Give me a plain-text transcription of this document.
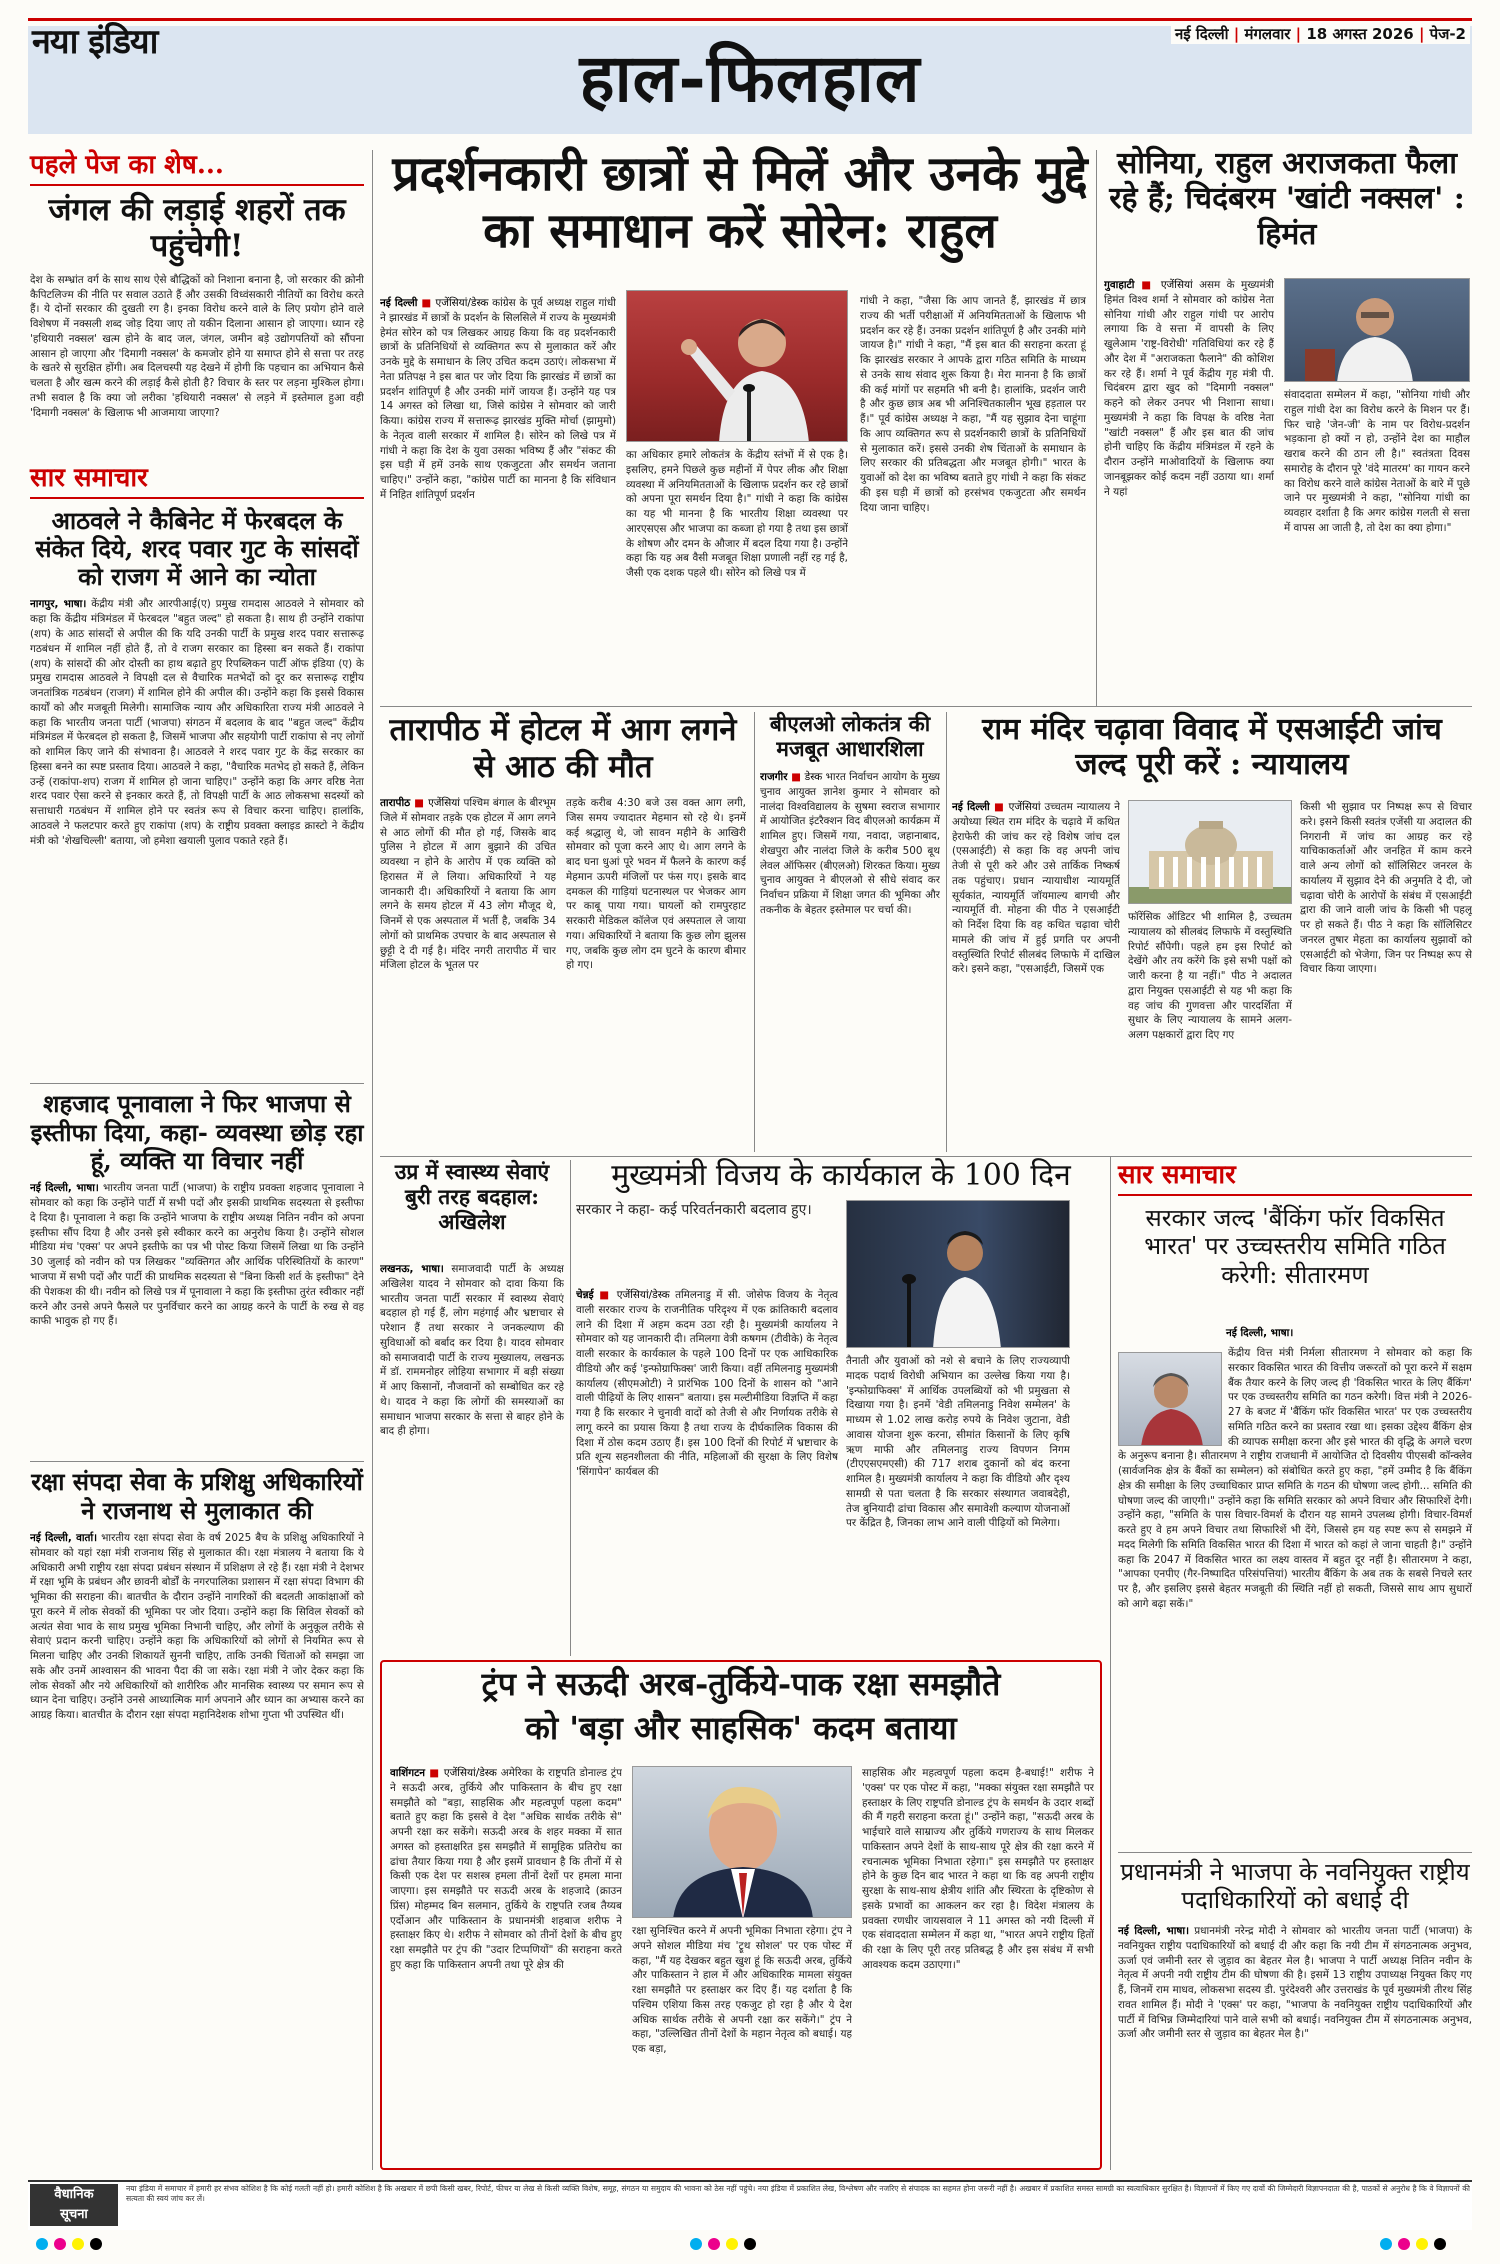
नया इंडिया	नई दिल्ली | मंगलवार | 18 अगस्त 2026 | पेज-2
हाल-फिलहाल
पहले पेज का शेष...
जंगल की लड़ाई शहरों तक पहुंचेगी!
देश के सम्भ्रांत वर्ग के साथ साथ ऐसे बौद्धिकों को निशाना बनाना है, जो सरकार की क्रोनी कैपिटलिज्म की नीति पर सवाल उठाते हैं और उसकी विध्वंसकारी नीतियों का विरोध करते हैं। ये दोनों सरकार की दुखती रग है। इनका विरोध करने वाले के लिए प्रयोग होने वाले विशेषण में नक्सली शब्द जोड़ दिया जाए तो यकीन दिलाना आसान हो जाएगा। ध्यान रहे 'हथियारी नक्सल' खत्म होने के बाद जल, जंगल, जमीन बड़े उद्योगपतियों को सौंपना आसान हो जाएगा और 'दिमागी नक्सल' के कमजोर होने या समाप्त होने से सत्ता पर तरह के खतरे से सुरक्षित होंगी। अब दिलचस्पी यह देखने में होगी कि पहचान का अभियान कैसे चलता है और खत्म करने की लड़ाई कैसे होती है? विचार के स्तर पर लड़ना मुश्किल होगा। तभी सवाल है कि क्या जो लरीका 'हथियारी नक्सल' से लड़ने में इस्तेमाल हुआ वही 'दिमागी नक्सल' के खिलाफ भी आजमाया जाएगा?
सार समाचार
आठवले ने कैबिनेट में फेरबदल के संकेत दिये, शरद पवार गुट के सांसदों को राजग में आने का न्योता
नागपुर, भाषा। केंद्रीय मंत्री और आरपीआई(ए) प्रमुख रामदास आठवले ने सोमवार को कहा कि केंद्रीय मंत्रिमंडल में फेरबदल "बहुत जल्द" हो सकता है। साथ ही उन्होंने राकांपा (शप) के आठ सांसदों से अपील की कि यदि उनकी पार्टी के प्रमुख शरद पवार सत्तारूढ़ गठबंधन में शामिल नहीं होते हैं, तो वे राजग सरकार का हिस्सा बन सकते हैं। राकांपा (शप) के सांसदों की ओर दोस्ती का हाथ बढ़ाते हुए रिपब्लिकन पार्टी ऑफ इंडिया (ए) के प्रमुख रामदास आठवले ने विपक्षी दल से वैचारिक मतभेदों को दूर कर सत्तारूढ़ राष्ट्रीय जनतांत्रिक गठबंधन (राजग) में शामिल होने की अपील की। उन्होंने कहा कि इससे विकास कार्यों को और मजबूती मिलेगी। सामाजिक न्याय और अधिकारिता राज्य मंत्री आठवले ने कहा कि भारतीय जनता पार्टी (भाजपा) संगठन में बदलाव के बाद "बहुत जल्द" केंद्रीय मंत्रिमंडल में फेरबदल हो सकता है, जिसमें भाजपा और सहयोगी पार्टी राकांपा से नए लोगों को शामिल किए जाने की संभावना है। आठवले ने शरद पवार गुट के केंद्र सरकार का हिस्सा बनने का स्पष्ट प्रस्ताव दिया। आठवले ने कहा, "वैचारिक मतभेद हो सकते हैं, लेकिन उन्हें (राकांपा-शप) राजग में शामिल हो जाना चाहिए।" उन्होंने कहा कि अगर वरिष्ठ नेता शरद पवार ऐसा करने से इनकार करते हैं, तो विपक्षी पार्टी के आठ लोकसभा सदस्यों को सत्ताधारी गठबंधन में शामिल होने पर स्वतंत्र रूप से विचार करना चाहिए। हालांकि, आठवले ने फलटपार करते हुए राकांपा (शप) के राष्ट्रीय प्रवक्ता क्लाइड क्रास्टो ने केंद्रीय मंत्री को 'शेखचिल्ली' बताया, जो हमेशा खयाली पुलाव पकाते रहते हैं।
शहजाद पूनावाला ने फिर भाजपा से इस्तीफा दिया, कहा- व्यवस्था छोड़ रहा हूं, व्यक्ति या विचार नहीं
नई दिल्ली, भाषा। भारतीय जनता पार्टी (भाजपा) के राष्ट्रीय प्रवक्ता शहजाद पूनावाला ने सोमवार को कहा कि उन्होंने पार्टी में सभी पदों और इसकी प्राथमिक सदस्यता से इस्तीफा दे दिया है। पूनावाला ने कहा कि उन्होंने भाजपा के राष्ट्रीय अध्यक्ष नितिन नवीन को अपना इस्तीफा सौंप दिया है और उनसे इसे स्वीकार करने का अनुरोध किया है। उन्होंने सोशल मीडिया मंच 'एक्स' पर अपने इस्तीफे का पत्र भी पोस्ट किया जिसमें लिखा था कि उन्होंने 30 जुलाई को नवीन को पत्र लिखकर "व्यक्तिगत और आर्थिक परिस्थितियों के कारण" भाजपा में सभी पदों और पार्टी की प्राथमिक सदस्यता से "बिना किसी शर्त के इस्तीफा" देने की पेशकश की थी। नवीन को लिखे पत्र में पूनावाला ने कहा कि इस्तीफा तुरंत स्वीकार नहीं करने और उनसे अपने फैसले पर पुनर्विचार करने का आग्रह करने के पार्टी के रुख से वह काफी भावुक हो गए हैं।
रक्षा संपदा सेवा के प्रशिक्षु अधिकारियों ने राजनाथ से मुलाकात की
नई दिल्ली, वार्ता। भारतीय रक्षा संपदा सेवा के वर्ष 2025 बैच के प्रशिक्षु अधिकारियों ने सोमवार को यहां रक्षा मंत्री राजनाथ सिंह से मुलाकात की। रक्षा मंत्रालय ने बताया कि ये अधिकारी अभी राष्ट्रीय रक्षा संपदा प्रबंधन संस्थान में प्रशिक्षण ले रहे हैं। रक्षा मंत्री ने देशभर में रक्षा भूमि के प्रबंधन और छावनी बोर्डों के नगरपालिका प्रशासन में रक्षा संपदा विभाग की भूमिका की सराहना की। बातचीत के दौरान उन्होंने नागरिकों की बदलती आकांक्षाओं को पूरा करने में लोक सेवकों की भूमिका पर जोर दिया। उन्होंने कहा कि सिविल सेवकों को अत्यंत सेवा भाव के साथ प्रमुख भूमिका निभानी चाहिए, और लोगों के अनुकूल तरीके से सेवाएं प्रदान करनी चाहिए। उन्होंने कहा कि अधिकारियों को लोगों से नियमित रूप से मिलना चाहिए और उनकी शिकायतें सुननी चाहिए, ताकि उनकी चिंताओं को समझा जा सके और उनमें आश्वासन की भावना पैदा की जा सके। रक्षा मंत्री ने जोर देकर कहा कि लोक सेवकों और नये अधिकारियों को शारीरिक और मानसिक स्वास्थ्य पर समान रूप से ध्यान देना चाहिए। उन्होंने उनसे आध्यात्मिक मार्ग अपनाने और ध्यान का अभ्यास करने का आग्रह किया। बातचीत के दौरान रक्षा संपदा महानिदेशक शोभा गुप्ता भी उपस्थित थीं।
प्रदर्शनकारी छात्रों से मिलें और उनके मुद्दे का समाधान करें सोरेन: राहुल
नई दिल्ली ■ एजेंसियां/डेस्क कांग्रेस के पूर्व अध्यक्ष राहुल गांधी ने झारखंड में छात्रों के प्रदर्शन के सिलसिले में राज्य के मुख्यमंत्री हेमंत सोरेन को पत्र लिखकर आग्रह किया कि वह प्रदर्शनकारी छात्रों के प्रतिनिधियों से व्यक्तिगत रूप से मुलाकात करें और उनके मुद्दे के समाधान के लिए उचित कदम उठाएं। लोकसभा में नेता प्रतिपक्ष ने इस बात पर जोर दिया कि झारखंड में छात्रों का प्रदर्शन शांतिपूर्ण है और उनकी मांगें जायज हैं। उन्होंने यह पत्र 14 अगस्त को लिखा था, जिसे कांग्रेस ने सोमवार को जारी किया। कांग्रेस राज्य में सत्तारूढ़ झारखंड मुक्ति मोर्चा (झामुमो) के नेतृत्व वाली सरकार में शामिल है। सोरेन को लिखे पत्र में गांधी ने कहा कि देश के युवा उसका भविष्य हैं और "संकट की इस घड़ी में हमें उनके साथ एकजुटता और समर्थन जताना चाहिए।" उन्होंने कहा, "कांग्रेस पार्टी का मानना है कि संविधान में निहित शांतिपूर्ण प्रदर्शन
का अधिकार हमारे लोकतंत्र के केंद्रीय स्तंभों में से एक है। इसलिए, हमने पिछले कुछ महीनों में पेपर लीक और शिक्षा व्यवस्था में अनियमितताओं के खिलाफ प्रदर्शन कर रहे छात्रों को अपना पूरा समर्थन दिया है।" गांधी ने कहा कि कांग्रेस का यह भी मानना है कि भारतीय शिक्षा व्यवस्था पर आरएसएस और भाजपा का कब्जा हो गया है तथा इस छात्रों के शोषण और दमन के औजार में बदल दिया गया है। उन्होंने कहा कि यह अब वैसी मजबूत शिक्षा प्रणाली नहीं रह गई है, जैसी एक दशक पहले थी। सोरेन को लिखे पत्र में
गांधी ने कहा, "जैसा कि आप जानते हैं, झारखंड में छात्र राज्य की भर्ती परीक्षाओं में अनियमितताओं के खिलाफ भी प्रदर्शन कर रहे हैं। उनका प्रदर्शन शांतिपूर्ण है और उनकी मांगे जायज है।" गांधी ने कहा, "मैं इस बात की सराहना करता हूं कि झारखंड सरकार ने आपके द्वारा गठित समिति के माध्यम से उनके साथ संवाद शुरू किया है। मेरा मानना है कि छात्रों की कई मांगों पर सहमति भी बनी है। हालांकि, प्रदर्शन जारी है और कुछ छात्र अब भी अनिश्चितकालीन भूख हड़ताल पर हैं।" पूर्व कांग्रेस अध्यक्ष ने कहा, "मैं यह सुझाव देना चाहूंगा कि आप व्यक्तिगत रूप से प्रदर्शनकारी छात्रों के प्रतिनिधियों से मुलाकात करें। इससे उनकी शेष चिंताओं के समाधान के लिए सरकार की प्रतिबद्धता और मजबूत होगी।" भारत के युवाओं को देश का भविष्य बताते हुए गांधी ने कहा कि संकट की इस घड़ी में छात्रों को हरसंभव एकजुटता और समर्थन दिया जाना चाहिए।
सोनिया, राहुल अराजकता फैला रहे हैं; चिदंबरम 'खांटी नक्सल' : हिमंत
गुवाहाटी ■ एजेंसियां असम के मुख्यमंत्री हिमंत विश्व शर्मा ने सोमवार को कांग्रेस नेता सोनिया गांधी और राहुल गांधी पर आरोप लगाया कि वे सत्ता में वापसी के लिए खुलेआम 'राष्ट्र-विरोधी' गतिविधियां कर रहे हैं और देश में "अराजकता फैलाने" की कोशिश कर रहे हैं। शर्मा ने पूर्व केंद्रीय गृह मंत्री पी. चिदंबरम द्वारा खुद को "दिमागी नक्सल" कहने को लेकर उनपर भी निशाना साधा। मुख्यमंत्री ने कहा कि विपक्ष के वरिष्ठ नेता "खांटी नक्सल" हैं और इस बात की जांच होनी चाहिए कि केंद्रीय मंत्रिमंडल में रहने के दौरान उन्होंने माओवादियों के खिलाफ क्या जानबूझकर कोई कदम नहीं उठाया था। शर्मा ने यहां
संवाददाता सम्मेलन में कहा, "सोनिया गांधी और राहुल गांधी देश का विरोध करने के मिशन पर हैं। फिर चाहे 'जेन-जी' के नाम पर विरोध-प्रदर्शन भड़काना हो क्यों न हो, उन्होंने देश का माहौल खराब करने की ठान ली है।" स्वतंत्रता दिवस समारोह के दौरान पूरे 'वंदे मातरम' का गायन करने का विरोध करने वाले कांग्रेस नेताओं के बारे में पूछे जाने पर मुख्यमंत्री ने कहा, "सोनिया गांधी का व्यवहार दर्शाता है कि अगर कांग्रेस गलती से सत्ता में वापस आ जाती है, तो देश का क्या होगा।"
तारापीठ में होटल में आग लगने से आठ की मौत
तारापीठ ■ एजेंसियां पश्चिम बंगाल के बीरभूम जिले में सोमवार तड़के एक होटल में आग लगने से आठ लोगों की मौत हो गई, जिसके बाद पुलिस ने होटल में आग बुझाने की उचित व्यवस्था न होने के आरोप में एक व्यक्ति को हिरासत में ले लिया। अधिकारियों ने यह जानकारी दी। अधिकारियों ने बताया कि आग लगने के समय होटल में 43 लोग मौजूद थे, जिनमें से एक अस्पताल में भर्ती है, जबकि 34 लोगों को प्राथमिक उपचार के बाद अस्पताल से छुट्टी दे दी गई है। मंदिर नगरी तारापीठ में चार मंजिला होटल के भूतल पर
तड़के करीब 4:30 बजे उस वक्त आग लगी, जिस समय ज्यादातर मेहमान सो रहे थे। इनमें कई श्रद्धालु थे, जो सावन महीने के आखिरी सोमवार को पूजा करने आए थे। आग लगने के बाद घना धुआं पूरे भवन में फैलने के कारण कई मेहमान ऊपरी मंजिलों पर फंस गए। इसके बाद दमकल की गाड़ियां घटनास्थल पर भेजकर आग पर काबू पाया गया। घायलों को रामपुरहाट सरकारी मेडिकल कॉलेज एवं अस्पताल ले जाया गया। अधिकारियों ने बताया कि कुछ लोग झुलस गए, जबकि कुछ लोग दम घुटने के कारण बीमार हो गए।
बीएलओ लोकतंत्र की मजबूत आधारशिला
राजगीर ■ डेस्क भारत निर्वाचन आयोग के मुख्य चुनाव आयुक्त ज्ञानेश कुमार ने सोमवार को नालंदा विश्वविद्यालय के सुषमा स्वराज सभागार में आयोजित इंटरैक्शन विद बीएलओ कार्यक्रम में शामिल हुए। जिसमें गया, नवादा, जहानाबाद, शेखपुरा और नालंदा जिले के करीब 500 बूथ लेवल ऑफिसर (बीएलओ) शिरकत किया। मुख्य चुनाव आयुक्त ने बीएलओ से सीधे संवाद कर निर्वाचन प्रक्रिया में शिक्षा जगत की भूमिका और तकनीक के बेहतर इस्तेमाल पर चर्चा की।
राम मंदिर चढ़ावा विवाद में एसआईटी जांच जल्द पूरी करें : न्यायालय
नई दिल्ली ■ एजेंसियां उच्चतम न्यायालय ने अयोध्या स्थित राम मंदिर के चढ़ावे में कथित हेराफेरी की जांच कर रहे विशेष जांच दल (एसआईटी) से कहा कि वह अपनी जांच तेजी से पूरी करे और उसे तार्किक निष्कर्ष तक पहुंचाए। प्रधान न्यायाधीश न्यायमूर्ति सूर्यकांत, न्यायमूर्ति जॉयमाल्य बागची और न्यायमूर्ति वी. मोहना की पीठ ने एसआईटी को निर्देश दिया कि वह कथित चढ़ावा चोरी मामले की जांच में हुई प्रगति पर अपनी वस्तुस्थिति रिपोर्ट सीलबंद लिफाफे में दाखिल करे। इसने कहा, "एसआईटी, जिसमें एक
फॉरेंसिक ऑडिटर भी शामिल है, उच्चतम न्यायालय को सीलबंद लिफाफे में वस्तुस्थिति रिपोर्ट सौंपेगी। पहले हम इस रिपोर्ट को देखेंगे और तय करेंगे कि इसे सभी पक्षों को जारी करना है या नहीं।" पीठ ने अदालत द्वारा नियुक्त एसआईटी से यह भी कहा कि वह जांच की गुणवत्ता और पारदर्शिता में सुधार के लिए न्यायालय के सामने अलग-अलग पक्षकारों द्वारा दिए गए
किसी भी सुझाव पर निष्पक्ष रूप से विचार करे। इसने किसी स्वतंत्र एजेंसी या अदालत की निगरानी में जांच का आग्रह कर रहे याचिकाकर्ताओं और जनहित में काम करने वाले अन्य लोगों को सॉलिसिटर जनरल के कार्यालय में सुझाव देने की अनुमति दे दी, जो चढ़ावा चोरी के आरोपों के संबंध में एसआईटी द्वारा की जाने वाली जांच के किसी भी पहलू पर हो सकते हैं। पीठ ने कहा कि सॉलिसिटर जनरल तुषार मेहता का कार्यालय सुझावों को एसआईटी को भेजेगा, जिन पर निष्पक्ष रूप से विचार किया जाएगा।
उप्र में स्वास्थ्य सेवाएं बुरी तरह बदहाल: अखिलेश
लखनऊ, भाषा। समाजवादी पार्टी के अध्यक्ष अखिलेश यादव ने सोमवार को दावा किया कि भारतीय जनता पार्टी सरकार में स्वास्थ्य सेवाएं बदहाल हो गई हैं, लोग महंगाई और भ्रष्टाचार से परेशान हैं तथा सरकार ने जनकल्याण की सुविधाओं को बर्बाद कर दिया है। यादव सोमवार को समाजवादी पार्टी के राज्य मुख्यालय, लखनऊ में डॉ. राममनोहर लोहिया सभागार में बड़ी संख्या में आए किसानों, नौजवानों को सम्बोधित कर रहे थे। यादव ने कहा कि लोगों की समस्याओं का समाधान भाजपा सरकार के सत्ता से बाहर होने के बाद ही होगा।
मुख्यमंत्री विजय के कार्यकाल के 100 दिन
सरकार ने कहा- कई परिवर्तनकारी बदलाव हुए।
चेन्नई ■ एजेंसियां/डेस्क तमिलनाडु में सी. जोसेफ विजय के नेतृत्व वाली सरकार राज्य के राजनीतिक परिदृश्य में एक क्रांतिकारी बदलाव लाने की दिशा में अहम कदम उठा रही है। मुख्यमंत्री कार्यालय ने सोमवार को यह जानकारी दी। तमिलगा वेत्री कषगम (टीवीके) के नेतृत्व वाली सरकार के कार्यकाल के पहले 100 दिनों पर एक आधिकारिक वीडियो और कई 'इन्फोग्राफिक्स' जारी किया। वहीं तमिलनाडु मुख्यमंत्री कार्यालय (सीएमओटी) ने प्रारंभिक 100 दिनों के शासन को "आने वाली पीढ़ियों के लिए शासन" बताया। इस मल्टीमीडिया विज्ञप्ति में कहा गया है कि सरकार ने चुनावी वादों को तेजी से और निर्णायक तरीके से लागू करने का प्रयास किया है तथा राज्य के दीर्घकालिक विकास की दिशा में ठोस कदम उठाए हैं। इस 100 दिनों की रिपोर्ट में भ्रष्टाचार के प्रति शून्य सहनशीलता की नीति, महिलाओं की सुरक्षा के लिए विशेष 'सिंगापेन' कार्यबल की
तैनाती और युवाओं को नशे से बचाने के लिए राज्यव्यापी मादक पदार्थ विरोधी अभियान का उल्लेख किया गया है। 'इन्फोग्राफिक्स' में आर्थिक उपलब्धियों को भी प्रमुखता से दिखाया गया है। इनमें 'वेडी तमिलनाडु निवेश सम्मेलन' के माध्यम से 1.02 लाख करोड़ रुपये के निवेश जुटाना, वेडी आवास योजना शुरू करना, सीमांत किसानों के लिए कृषि ऋण माफी और तमिलनाडु राज्य विपणन निगम (टीएएसएमएसी) की 717 शराब दुकानों को बंद करना शामिल है। मुख्यमंत्री कार्यालय ने कहा कि वीडियो और दृश्य सामग्री से पता चलता है कि सरकार संस्थागत जवाबदेही, तेज बुनियादी ढांचा विकास और समावेशी कल्याण योजनाओं पर केंद्रित है, जिनका लाभ आने वाली पीढ़ियों को मिलेगा।
सार समाचार
सरकार जल्द 'बैंकिंग फॉर विकसित भारत' पर उच्चस्तरीय समिति गठित करेगी: सीतारमण
नई दिल्ली, भाषा।
केंद्रीय वित्त मंत्री निर्मला सीतारमण ने सोमवार को कहा कि सरकार विकसित भारत की वित्तीय जरूरतों को पूरा करने में सक्षम बैंक तैयार करने के लिए जल्द ही 'विकसित भारत के लिए बैंकिंग' पर एक उच्चस्तरीय समिति का गठन करेगी। वित्त मंत्री ने 2026-27 के बजट में 'बैंकिंग फॉर विकसित भारत' पर एक उच्चस्तरीय समिति गठित करने का प्रस्ताव रखा था। इसका उद्देश्य बैंकिंग क्षेत्र की व्यापक समीक्षा करना और इसे भारत की वृद्धि के अगले चरण के अनुरूप बनाना है। सीतारमण ने राष्ट्रीय राजधानी में आयोजित दो दिवसीय पीएसबी कॉन्क्लेव (सार्वजनिक क्षेत्र के बैंकों का सम्मेलन) को संबोधित करते हुए कहा, "हमें उम्मीद है कि बैंकिंग क्षेत्र की समीक्षा के लिए उच्चाधिकार प्राप्त समिति के गठन की घोषणा जल्द होगी... समिति की घोषणा जल्द की जाएगी।" उन्होंने कहा कि समिति सरकार को अपने विचार और सिफारिशें देगी। उन्होंने कहा, "समिति के पास विचार-विमर्श के दौरान यह सामने उपलब्ध होगी। विचार-विमर्श करते हुए वे हम अपने विचार तथा सिफारिशें भी देंगे, जिससे हम यह स्पष्ट रूप से समझने में मदद मिलेगी कि समिति विकसित भारत की दिशा में भारत को कहां ले जाना चाहती है।" उन्होंने कहा कि 2047 में विकसित भारत का लक्ष्य वास्तव में बहुत दूर नहीं है। सीतारमण ने कहा, "आपका एनपीए (गैर-निष्पादित परिसंपत्तियां) भारतीय बैंकिंग के अब तक के सबसे निचले स्तर पर है, और इसलिए इससे बेहतर मजबूती की स्थिति नहीं हो सकती, जिससे साथ आप सुधारों को आगे बढ़ा सकें।"
प्रधानमंत्री ने भाजपा के नवनियुक्त राष्ट्रीय पदाधिकारियों को बधाई दी
नई दिल्ली, भाषा। प्रधानमंत्री नरेन्द्र मोदी ने सोमवार को भारतीय जनता पार्टी (भाजपा) के नवनियुक्त राष्ट्रीय पदाधिकारियों को बधाई दी और कहा कि नयी टीम में संगठनात्मक अनुभव, ऊर्जा एवं जमीनी स्तर से जुड़ाव का बेहतर मेल है। भाजपा ने पार्टी अध्यक्ष नितिन नवीन के नेतृत्व में अपनी नयी राष्ट्रीय टीम की घोषणा की है। इसमें 13 राष्ट्रीय उपाध्यक्ष नियुक्त किए गए हैं, जिनमें राम माधव, लोकसभा सदस्य डी. पुरंदेश्वरी और उत्तराखंड के पूर्व मुख्यमंत्री तीरथ सिंह रावत शामिल हैं। मोदी ने 'एक्स' पर कहा, "भाजपा के नवनियुक्त राष्ट्रीय पदाधिकारियों और पार्टी में विभिन्न जिम्मेदारियां पाने वाले सभी को बधाई। नवनियुक्त टीम में संगठनात्मक अनुभव, ऊर्जा और जमीनी स्तर से जुड़ाव का बेहतर मेल है।"
ट्रंप ने सऊदी अरब-तुर्किये-पाक रक्षा समझौते
को 'बड़ा और साहसिक' कदम बताया
वाशिंगटन ■ एजेंसियां/डेस्क अमेरिका के राष्ट्रपति डोनाल्ड ट्रंप ने सऊदी अरब, तुर्किये और पाकिस्तान के बीच हुए रक्षा समझौते को "बड़ा, साहसिक और महत्वपूर्ण पहला कदम" बताते हुए कहा कि इससे वे देश "अधिक सार्थक तरीके से" अपनी रक्षा कर सकेंगे। सऊदी अरब के शहर मक्का में सात अगस्त को हस्ताक्षरित इस समझौते में सामूहिक प्रतिरोध का ढांचा तैयार किया गया है और इसमें प्रावधान है कि तीनों में से किसी एक देश पर सशस्त्र हमला तीनों देशों पर हमला माना जाएगा। इस समझौते पर सऊदी अरब के शहजादे (क्राउन प्रिंस) मोहम्मद बिन सलमान, तुर्किये के राष्ट्रपति रजब तैय्यब एर्दोआन और पाकिस्तान के प्रधानमंत्री शहबाज शरीफ ने हस्ताक्षर किए थे। शरीफ ने सोमवार को तीनों देशों के बीच हुए रक्षा समझौते पर ट्रंप की "उदार टिप्पणियों" की सराहना करते हुए कहा कि पाकिस्तान अपनी तथा पूरे क्षेत्र की
रक्षा सुनिश्चित करने में अपनी भूमिका निभाता रहेगा। ट्रंप ने अपने सोशल मीडिया मंच 'ट्रूथ सोशल' पर एक पोस्ट में कहा, "मैं यह देखकर बहुत खुश हूं कि सऊदी अरब, तुर्किये और पाकिस्तान ने हाल में और अधिकारिक मामला संयुक्त रक्षा समझौते पर हस्ताक्षर कर दिए हैं। यह दर्शाता है कि पश्चिम एशिया किस तरह एकजुट हो रहा है और ये देश अधिक सार्थक तरीके से अपनी रक्षा कर सकेंगे।" ट्रंप ने कहा, "उल्लिखित तीनों देशों के महान नेतृत्व को बधाई। यह एक बड़ा,
साहसिक और महत्वपूर्ण पहला कदम है-बधाई!" शरीफ ने 'एक्स' पर एक पोस्ट में कहा, "मक्का संयुक्त रक्षा समझौते पर हस्ताक्षर के लिए राष्ट्रपति डोनाल्ड ट्रंप के समर्थन के उदार शब्दों की मैं गहरी सराहना करता हूं।" उन्होंने कहा, "सऊदी अरब के भाईचारे वाले साम्राज्य और तुर्किये गणराज्य के साथ मिलकर पाकिस्तान अपने देशों के साथ-साथ पूरे क्षेत्र की रक्षा करने में रचनात्मक भूमिका निभाता रहेगा।" इस समझौते पर हस्ताक्षर होने के कुछ दिन बाद भारत ने कहा था कि वह अपनी राष्ट्रीय सुरक्षा के साथ-साथ क्षेत्रीय शांति और स्थिरता के दृष्टिकोण से इसके प्रभावों का आकलन कर रहा है। विदेश मंत्रालय के प्रवक्ता रणधीर जायसवाल ने 11 अगस्त को नयी दिल्ली में एक संवाददाता सम्मेलन में कहा था, "भारत अपने राष्ट्रीय हितों की रक्षा के लिए पूरी तरह प्रतिबद्ध है और इस संबंध में सभी आवश्यक कदम उठाएगा।"
वैधानिक
सूचना
नया इंडिया में समाचार में हमारी हर संभव कोशिश है कि कोई गलती नहीं हो। हमारी कोशिश है कि अखबार में छपी किसी खबर, रिपोर्ट, फीचर या लेख से किसी व्यक्ति विशेष, समूह, संगठन या समुदाय की भावना को ठेस नहीं पहुंचे। नया इंडिया में प्रकाशित लेख, विश्लेषण और नजरिए से संपादक का सहमत होना जरूरी नहीं है। अखबार में प्रकाशित समस्त सामग्री का स्वत्वाधिकार सुरक्षित है। विज्ञापनों में किए गए दावों की जिम्मेदारी विज्ञापनदाता की है, पाठकों से अनुरोध है कि वे विज्ञापनों की सत्यता की स्वयं जांच कर लें।
